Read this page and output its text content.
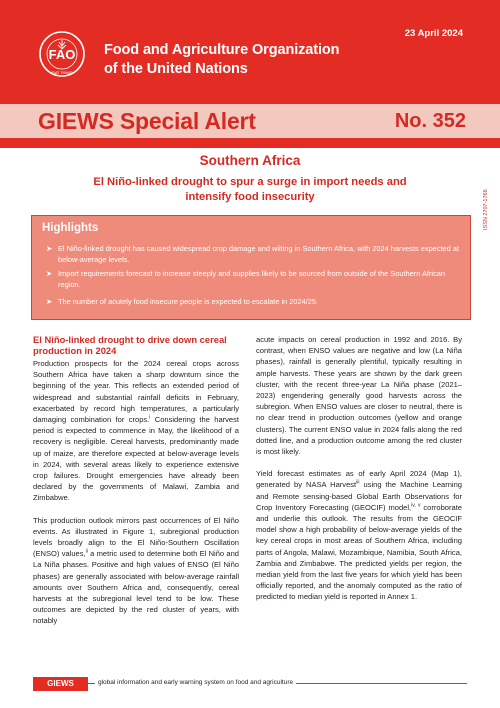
FAO
FIAT PANIS
Food and Agriculture Organization
of the United Nations
23 April 2024
GIEWS Special Alert	No. 352
ISSN 2707-1766
Southern Africa
El Niño-linked drought to spur a surge in import needs and intensify food insecurity
Highlights
➤ El Niño-linked drought has caused widespread crop damage and wilting in Southern Africa, with 2024 harvests expected at below-average levels.
➤ Import requirements forecast to increase steeply and supplies likely to be sourced from outside of the Southern African region.
➤ The number of acutely food insecure people is expected to escalate in 2024/25.
El Niño-linked drought to drive down cereal production in 2024

Production prospects for the 2024 cereal crops across Southern Africa have taken a sharp downturn since the beginning of the year. This reflects an extended period of widespread and substantial rainfall deficits in February, exacerbated by record high temperatures, a particularly damaging combination for crops.$^i$ Considering the harvest period is expected to commence in May, the likelihood of a recovery is negligible. Cereal harvests, predominantly made up of maize, are therefore expected at below-average levels in 2024, with several areas likely to experience extensive crop failures. Drought emergencies have already been declared by the governments of Malawi, Zambia and Zimbabwe.

This production outlook mirrors past occurrences of El Niño events. As illustrated in Figure 1, subregional production levels broadly align to the El Niño-Southern Oscillation (ENSO) values,$^{ii}$ a metric used to determine both El Niño and La Niña phases. Positive and high values of ENSO (El Niño phases) are generally associated with below-average rainfall amounts over Southern Africa and, consequently, cereal harvests at the subregional level tend to be low. These outcomes are depicted by the red cluster of years, with notably

acute impacts on cereal production in 1992 and 2016. By contrast, when ENSO values are negative and low (La Niña phases), rainfall is generally plentiful, typically resulting in ample harvests. These years are shown by the dark green cluster, with the recent three-year La Niña phase (2021–2023) engendering generally good harvests across the subregion. When ENSO values are closer to neutral, there is no clear trend in production outcomes (yellow and orange clusters). The current ENSO value in 2024 falls along the red dotted line, and a production outcome among the red cluster is most likely.

Yield forecast estimates as of early April 2024 (Map 1), generated by NASA Harvest$^{iii}$ using the Machine Learning and Remote sensing-based Global Earth Observations for Crop Inventory Forecasting (GEOCIF) model,$^{iv, v}$ corroborate and underlie this outlook. The results from the GEOCIF model show a high probability of below-average yields of the key cereal crops in most areas of Southern Africa, including parts of Angola, Malawi, Mozambique, Namibia, South Africa, Zambia and Zimbabwe. The predicted yields per region, the median yield from the last five years for which yield has been officially reported, and the anomaly computed as the ratio of predicted to median yield is reported in Annex 1.

GIEWS	global information and early warning system on food and agriculture
